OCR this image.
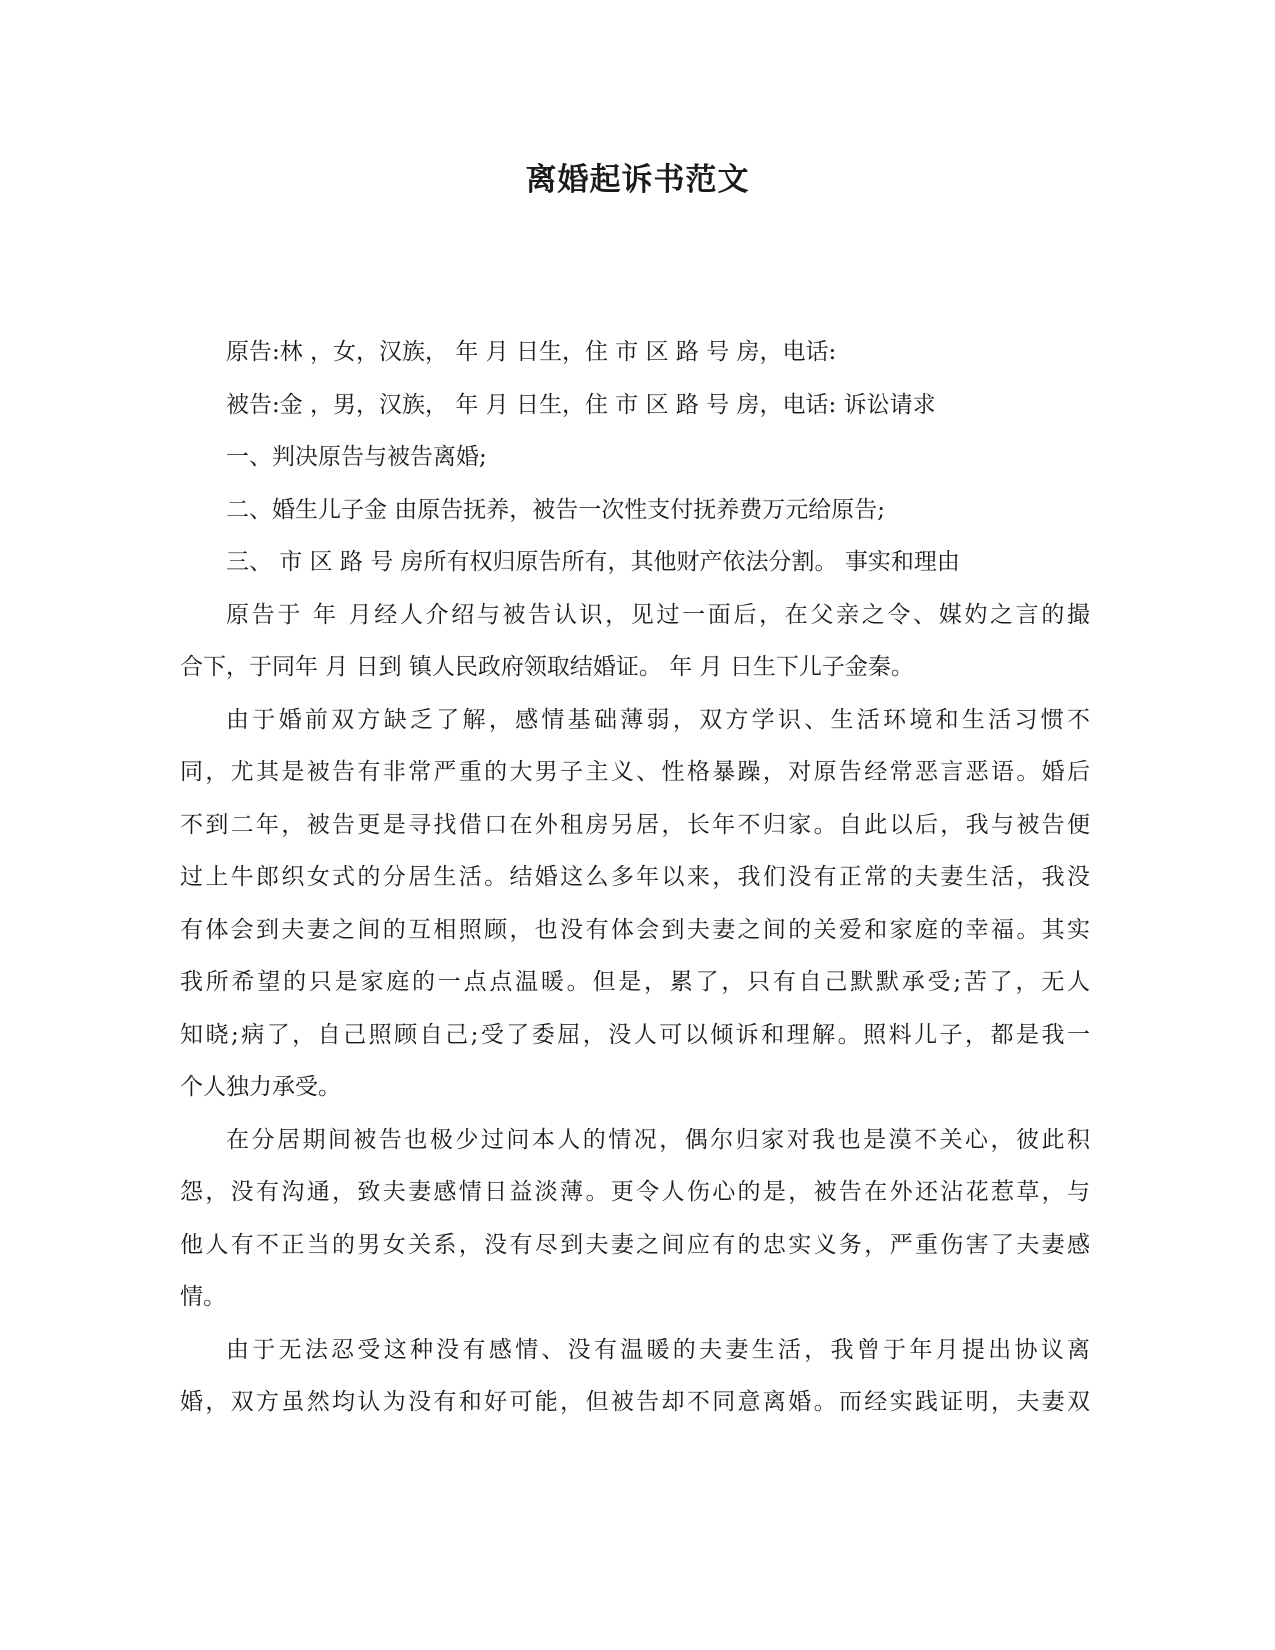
离婚起诉书范文
原告:林 ，女，汉族， 年 月 日生，住 市 区 路 号 房，电话:
被告:金 ，男，汉族， 年 月 日生，住 市 区 路 号 房，电话: 诉讼请求
一、判决原告与被告离婚;
二、婚生儿子金 由原告抚养，被告一次性支付抚养费万元给原告;
三、 市 区 路 号 房所有权归原告所有，其他财产依法分割。 事实和理由
原告于 年 月经人介绍与被告认识，见过一面后，在父亲之令、媒妁之言的撮
合下，于同年 月 日到 镇人民政府领取结婚证。 年 月 日生下儿子金秦。
由于婚前双方缺乏了解，感情基础薄弱，双方学识、生活环境和生活习惯不
同，尤其是被告有非常严重的大男子主义、性格暴躁，对原告经常恶言恶语。婚后
不到二年，被告更是寻找借口在外租房另居，长年不归家。自此以后，我与被告便
过上牛郎织女式的分居生活。结婚这么多年以来，我们没有正常的夫妻生活，我没
有体会到夫妻之间的互相照顾，也没有体会到夫妻之间的关爱和家庭的幸福。其实
我所希望的只是家庭的一点点温暖。但是，累了，只有自己默默承受;苦了，无人
知晓;病了，自己照顾自己;受了委屈，没人可以倾诉和理解。照料儿子，都是我一
个人独力承受。
在分居期间被告也极少过问本人的情况，偶尔归家对我也是漠不关心，彼此积
怨，没有沟通，致夫妻感情日益淡薄。更令人伤心的是，被告在外还沾花惹草，与
他人有不正当的男女关系，没有尽到夫妻之间应有的忠实义务，严重伤害了夫妻感
情。
由于无法忍受这种没有感情、没有温暖的夫妻生活，我曾于年月提出协议离
婚，双方虽然均认为没有和好可能，但被告却不同意离婚。而经实践证明，夫妻双
